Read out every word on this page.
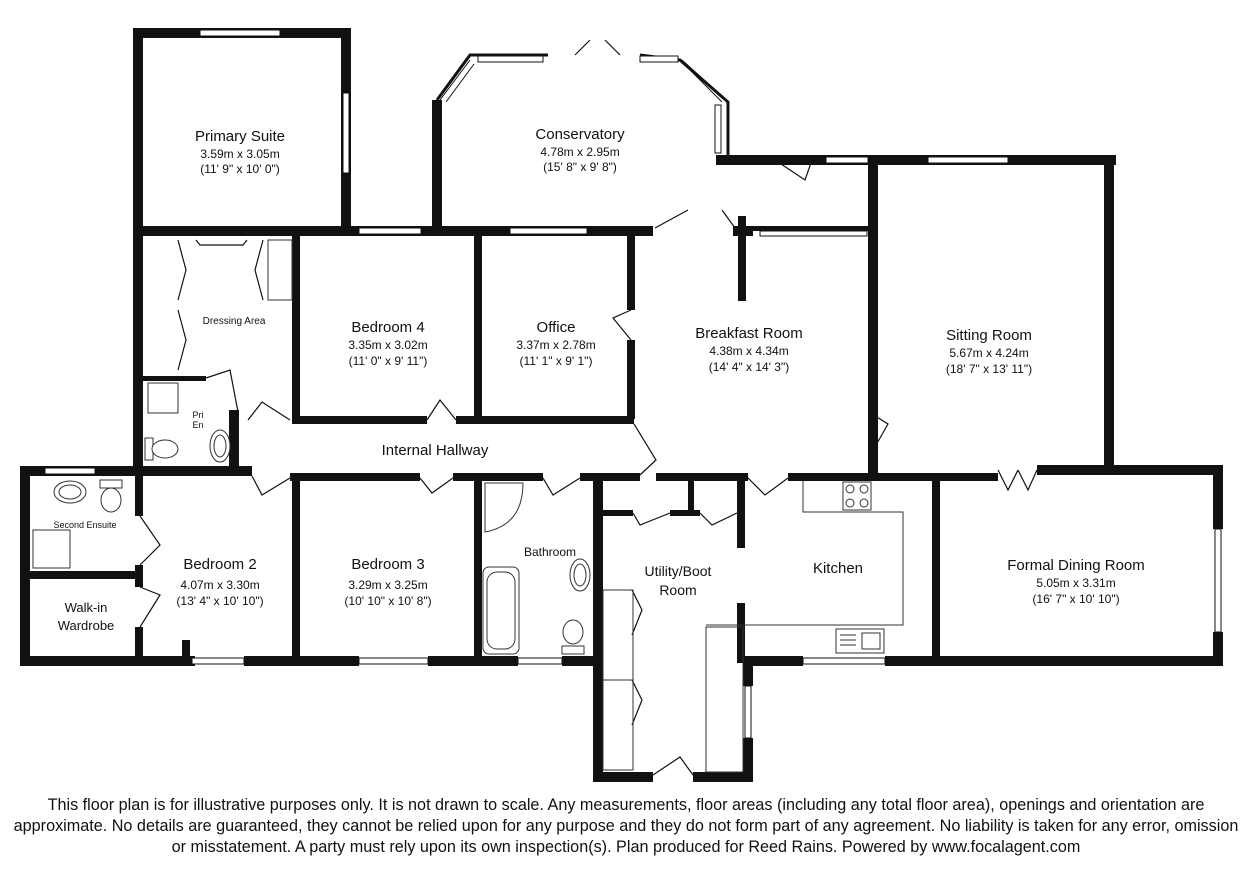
Primary Suite
3.59m x 3.05m
(11' 9" x 10' 0")
Conservatory
4.78m x 2.95m
(15' 8" x 9' 8")
Dressing Area	Bedroom 4
3.35m x 3.02m
(11' 0" x 9' 11")
Office
3.37m x 2.78m
(11' 1" x 9' 1")
Breakfast Room
4.38m x 4.34m
(14' 4" x 14' 3")
Sitting Room
5.67m x 4.24m
(18' 7" x 13' 11")
Pri
En
Internal Hallway
Second Ensuite
Walk-in
Wardrobe
Bedroom 2
4.07m x 3.30m
(13' 4" x 10' 10")
Bedroom 3
3.29m x 3.25m
(10' 10" x 10' 8")
Bathroom
Utility/Boot
Room
Kitchen	Formal Dining Room
5.05m x 3.31m
(16' 7" x 10' 10")

This floor plan is for illustrative purposes only. It is not drawn to scale. Any measurements, floor areas (including any total floor area), openings and orientation are approximate. No details are guaranteed, they cannot be relied upon for any purpose and they do not form part of any agreement. No liability is taken for any error, omission or misstatement. A party must rely upon its own inspection(s). Plan produced for Reed Rains. Powered by www.focalagent.com
